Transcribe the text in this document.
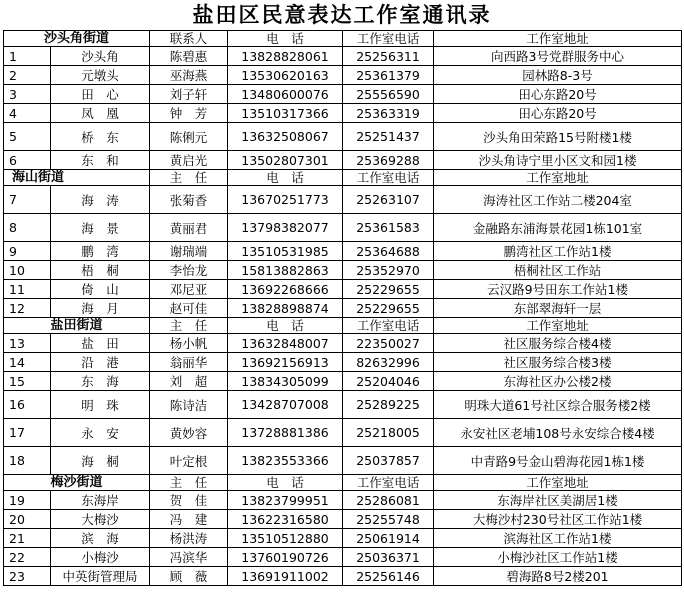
盐田区民意表达工作室通讯录
沙头角街道		联系人	电　话	工作室电话	工作室地址
1	沙头角	陈碧惠	13828828061	25256311	向西路3号党群服务中心
2	元墩头	巫海燕	13530620163	25361379	园林路8-3号
3	田　心	刘子轩	13480600076	25556590	田心东路20号
4	凤　凰	钟　芳	13510317366	25363319	田心东路20号
5	桥　东	陈俐元	13632508067	25251437	沙头角田荣路15号附楼1楼
6	东　和	黄启光	13502807301	25369288	沙头角诗宁里小区文和园1楼
海山街道		主　任	电　话	工作室电话	工作室地址
7	海　涛	张菊香	13670251773	25263107	海涛社区工作站二楼204室
8	海　景	黄丽君	13798382077	25361583	金融路东浦海景花园1栋101室
9	鹏　湾	谢瑞端	13510531985	25364688	鹏湾社区工作站1楼
10	梧　桐	李怡龙	15813882863	25352970	梧桐社区工作站
11	倚　山	邓尼亚	13692268666	25229655	云汉路9号田东工作站1楼
12	海　月	赵可佳	13828898874	25229655	东部翠海轩一层
盐田街道		主　任	电　话	工作室电话	工作室地址
13	盐　田	杨小帆	13632848007	22350027	社区服务综合楼4楼
14	沿　港	翁丽华	13692156913	82632996	社区服务综合楼3楼
15	东　海	刘　超	13834305099	25204046	东海社区办公楼2楼
16	明　珠	陈诗洁	13428707008	25289225	明珠大道61号社区综合服务楼2楼
17	永　安	黄妙容	13728881386	25218005	永安社区老埔108号永安综合楼4楼
18	海　桐	叶定根	13823553366	25037857	中青路9号金山碧海花园1栋1楼
梅沙街道		主　任	电　话	工作室电话	工作室地址
19	东海岸	贺　佳	13823799951	25286081	东海岸社区美湖居1楼
20	大梅沙	冯　建	13622316580	25255748	大梅沙村230号社区工作站1楼
21	滨　海	杨洪涛	13510512880	25061914	滨海社区工作站1楼
22	小梅沙	冯滨华	13760190726	25036371	小梅沙社区工作站1楼
23	中英街管理局	顾　薇	13691911002	25256146	碧海路8号2楼201
